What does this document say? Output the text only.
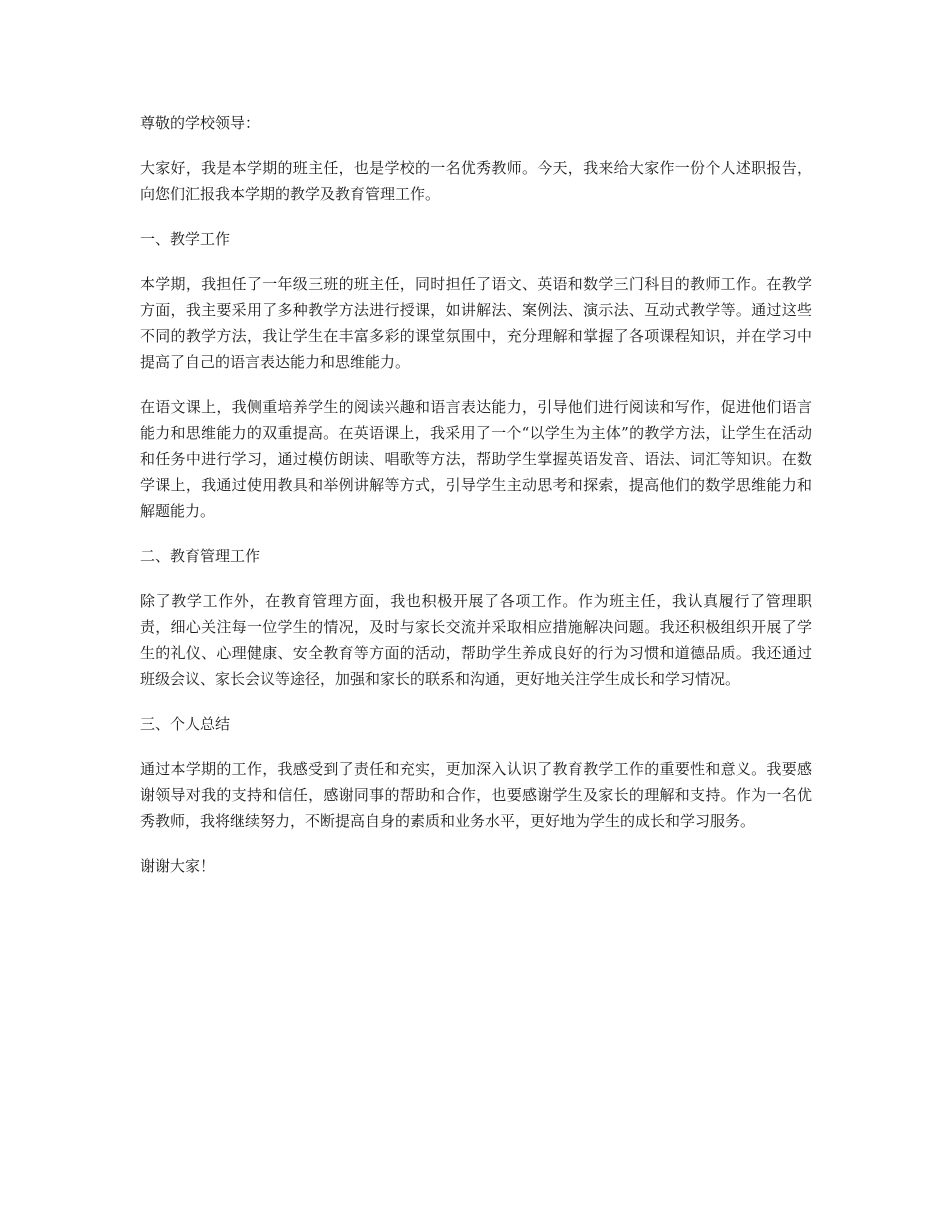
尊敬的学校领导：

大家好，我是本学期的班主任，也是学校的一名优秀教师。今天，我来给大家作一份个人述职报告，向您们汇报我本学期的教学及教育管理工作。

一、教学工作

本学期，我担任了一年级三班的班主任，同时担任了语文、英语和数学三门科目的教师工作。在教学方面，我主要采用了多种教学方法进行授课，如讲解法、案例法、演示法、互动式教学等。通过这些不同的教学方法，我让学生在丰富多彩的课堂氛围中，充分理解和掌握了各项课程知识，并在学习中提高了自己的语言表达能力和思维能力。

在语文课上，我侧重培养学生的阅读兴趣和语言表达能力，引导他们进行阅读和写作，促进他们语言能力和思维能力的双重提高。在英语课上，我采用了一个“以学生为主体”的教学方法，让学生在活动和任务中进行学习，通过模仿朗读、唱歌等方法，帮助学生掌握英语发音、语法、词汇等知识。在数学课上，我通过使用教具和举例讲解等方式，引导学生主动思考和探索，提高他们的数学思维能力和解题能力。

二、教育管理工作

除了教学工作外，在教育管理方面，我也积极开展了各项工作。作为班主任，我认真履行了管理职责，细心关注每一位学生的情况，及时与家长交流并采取相应措施解决问题。我还积极组织开展了学生的礼仪、心理健康、安全教育等方面的活动，帮助学生养成良好的行为习惯和道德品质。我还通过班级会议、家长会议等途径，加强和家长的联系和沟通，更好地关注学生成长和学习情况。

三、个人总结

通过本学期的工作，我感受到了责任和充实，更加深入认识了教育教学工作的重要性和意义。我要感谢领导对我的支持和信任，感谢同事的帮助和合作，也要感谢学生及家长的理解和支持。作为一名优秀教师，我将继续努力，不断提高自身的素质和业务水平，更好地为学生的成长和学习服务。

谢谢大家！
